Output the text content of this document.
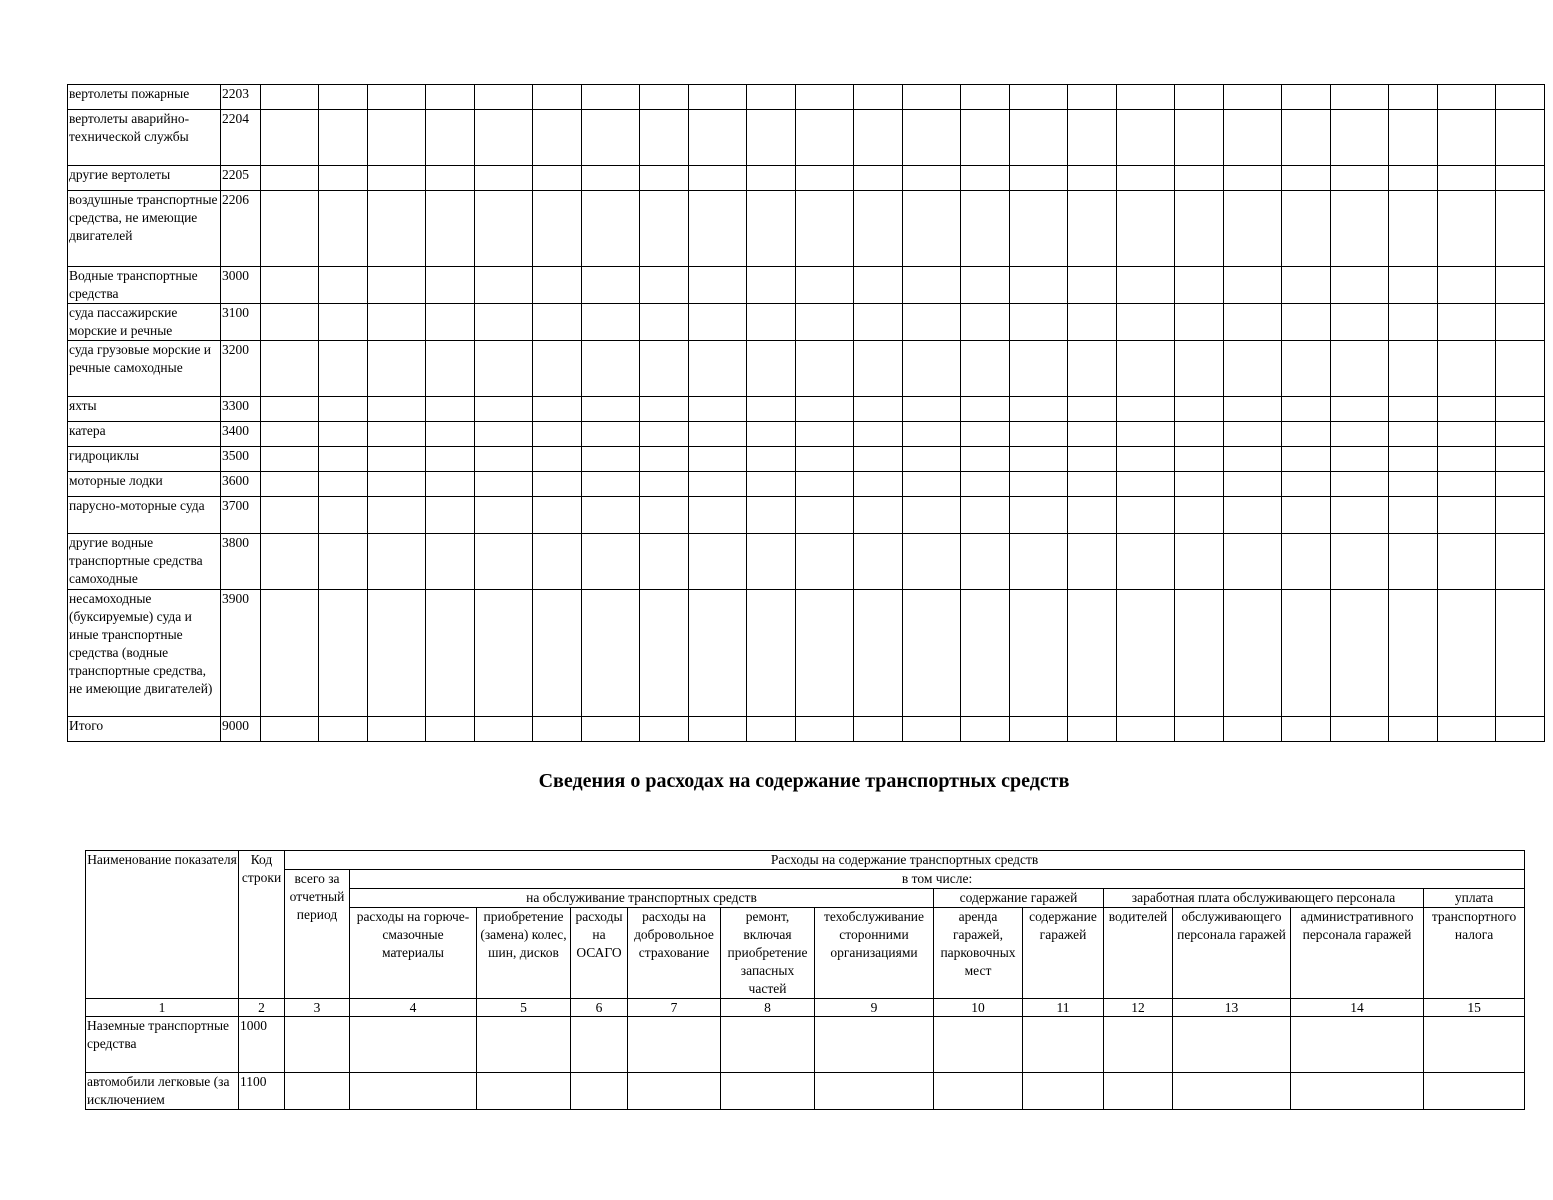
вертолеты пожарные	2203																								
вертолеты аварийно-технической службы	2204																								
другие вертолеты	2205																								
воздушные транспортные средства, не имеющие двигателей	2206																								
Водные транспортные средства	3000																								
суда пассажирские морские и речные	3100																								
суда грузовые морские и речные самоходные	3200																								
яхты	3300																								
катера	3400																								
гидроциклы	3500																								
моторные лодки	3600																								
парусно-моторные суда	3700																								
другие водные транспортные средства самоходные	3800																								
несамоходные (буксируемые) суда и иные транспортные средства (водные транспортные средства, не имеющие двигателей)	3900																								
Итого	9000																								
Сведения о расходах на содержание транспортных средств
Наименование показателя	Код строки	Расходы на содержание транспортных средств												
		всего за отчетный период	в том числе:											
			на обслуживание транспортных средств						содержание гаражей		заработная плата обслуживающего персонала			уплата
			расходы на горюче-смазочные материалы	приобретение (замена) колес, шин, дисков	расходы на ОСАГО	расходы на добровольное страхование	ремонт, включая приобретение запасных частей	техобслуживание сторонними организациями	аренда гаражей, парковочных мест	содержание гаражей	водителей	обслуживающего персонала гаражей	административного персонала гаражей	транспортного налога
1	2	3	4	5	6	7	8	9	10	11	12	13	14	15
Наземные транспортные средства	1000													
автомобили легковые (за исключением	1100													
